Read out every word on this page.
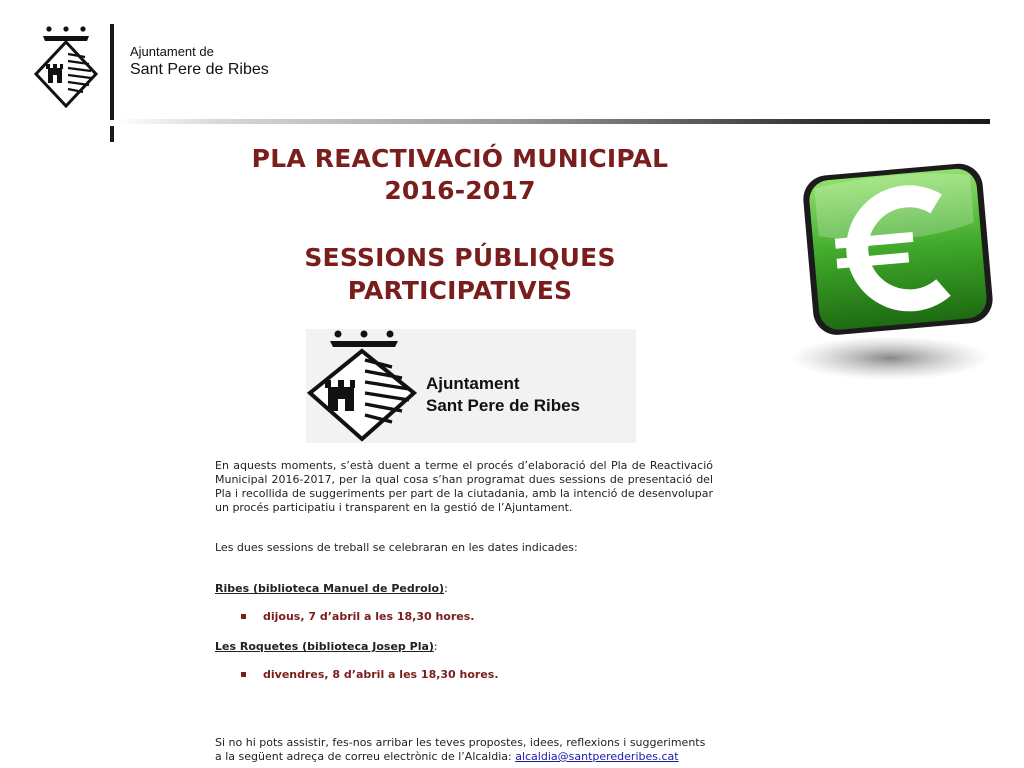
Ajuntament de
Sant Pere de Ribes
PLA REACTIVACIÓ MUNICIPAL
2016-2017
SESSIONS PÚBLIQUES
PARTICIPATIVES
Ajuntament
Sant Pere de Ribes
En aquests moments, s’està duent a terme el procés d’elaboració del Pla de Reactivació Municipal 2016-2017, per la qual cosa s’han programat dues sessions de presentació del Pla i recollida de suggeriments per part de la ciutadania, amb la intenció de desenvolupar un procés participatiu i transparent en la gestió de l’Ajuntament.
Les dues sessions de treball se celebraran en les dates indicades:
Ribes (biblioteca Manuel de Pedrolo):
dijous, 7 d’abril a les 18,30 hores.
Les Roquetes (biblioteca Josep Pla):
divendres, 8 d’abril a les 18,30 hores.
Si no hi pots assistir, fes-nos arribar les teves propostes, idees, reflexions i suggeriments a la següent adreça de correu electrònic de l’Alcaldia: alcaldia@santperederibes.cat
